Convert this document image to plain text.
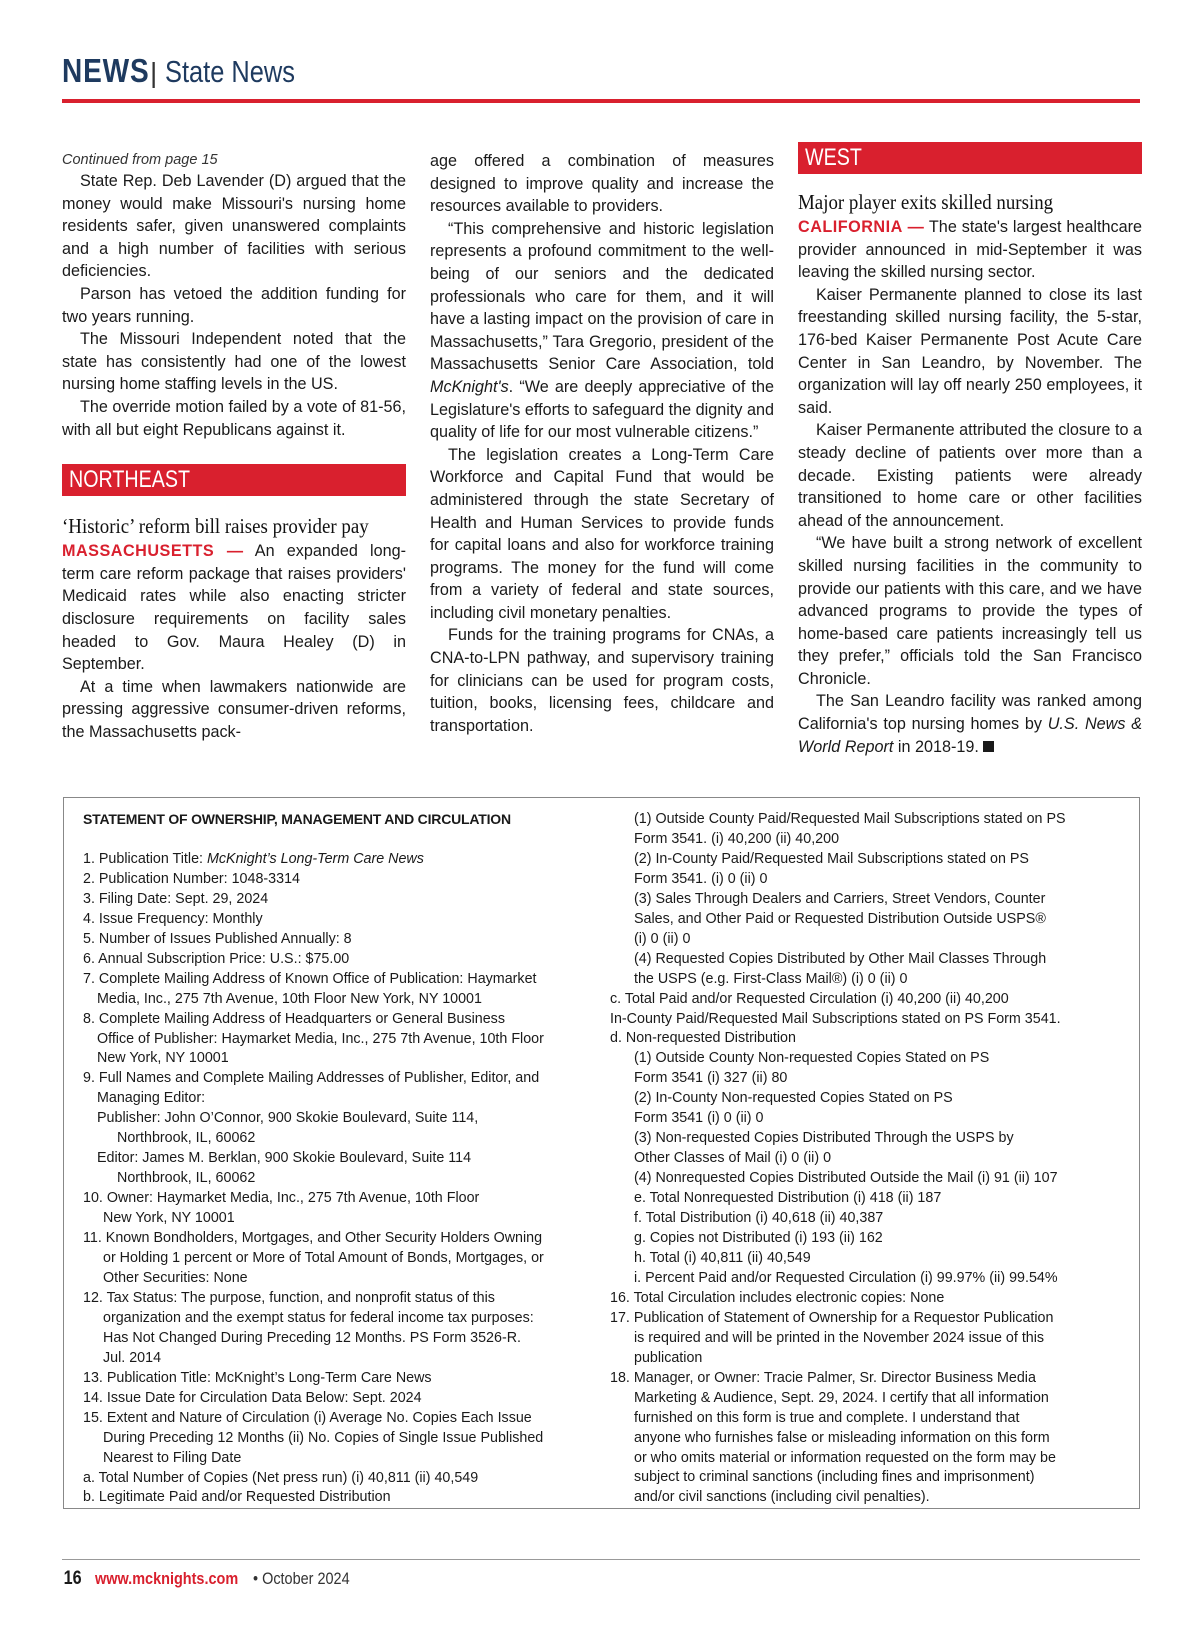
NEWS | State News
Continued from page 15

State Rep. Deb Lavender (D) argued that the money would make Missouri's nursing home residents safer, given unanswered complaints and a high number of facilities with serious deficiencies.

Parson has vetoed the addition funding for two years running.

The Missouri Independent noted that the state has consistently had one of the lowest nursing home staffing levels in the US.

The override motion failed by a vote of 81-56, with all but eight Republicans against it.

NORTHEAST
‘Historic’ reform bill raises provider pay

MASSACHUSETTS — An expanded long-term care reform package that raises providers' Medicaid rates while also enacting stricter disclosure requirements on facility sales headed to Gov. Maura Healey (D) in September.

At a time when lawmakers nationwide are pressing aggressive consumer-driven reforms, the Massachusetts pack-

age offered a combination of measures designed to improve quality and increase the resources available to providers.

“This comprehensive and historic legislation represents a profound commitment to the well-being of our seniors and the dedicated professionals who care for them, and it will have a lasting impact on the provision of care in Massachusetts,” Tara Gregorio, president of the Massachusetts Senior Care Association, told McKnight's. “We are deeply appreciative of the Legislature's efforts to safeguard the dignity and quality of life for our most vulnerable citizens.”

The legislation creates a Long-Term Care Workforce and Capital Fund that would be administered through the state Secretary of Health and Human Services to provide funds for capital loans and also for workforce training programs. The money for the fund will come from a variety of federal and state sources, including civil monetary penalties.

Funds for the training programs for CNAs, a CNA-to-LPN pathway, and supervisory training for clinicians can be used for program costs, tuition, books, licensing fees, childcare and transportation.

WEST
Major player exits skilled nursing

CALIFORNIA — The state's largest healthcare provider announced in mid-September it was leaving the skilled nursing sector.

Kaiser Permanente planned to close its last freestanding skilled nursing facility, the 5-star, 176-bed Kaiser Permanente Post Acute Care Center in San Leandro, by November. The organization will lay off nearly 250 employees, it said.

Kaiser Permanente attributed the closure to a steady decline of patients over more than a decade. Existing patients were already transitioned to home care or other facilities ahead of the announcement.

“We have built a strong network of excellent skilled nursing facilities in the community to provide our patients with this care, and we have advanced programs to provide the types of home-based care patients increasingly tell us they prefer,” officials told the San Francisco Chronicle.

The San Leandro facility was ranked among California's top nursing homes by U.S. News & World Report in 2018-19.

STATEMENT OF OWNERSHIP, MANAGEMENT AND CIRCULATION
1. Publication Title: McKnight’s Long-Term Care News
2. Publication Number: 1048-3314
3. Filing Date: Sept. 29, 2024
4. Issue Frequency: Monthly
5. Number of Issues Published Annually: 8
6. Annual Subscription Price: U.S.: $75.00
7. Complete Mailing Address of Known Office of Publication: Haymarket
Media, Inc., 275 7th Avenue, 10th Floor New York, NY 10001
8. Complete Mailing Address of Headquarters or General Business
Office of Publisher: Haymarket Media, Inc., 275 7th Avenue, 10th Floor
New York, NY 10001
9. Full Names and Complete Mailing Addresses of Publisher, Editor, and
Managing Editor:
Publisher: John O’Connor, 900 Skokie Boulevard, Suite 114,
Northbrook, IL, 60062
Editor: James M. Berklan, 900 Skokie Boulevard, Suite 114
Northbrook, IL, 60062
10. Owner: Haymarket Media, Inc., 275 7th Avenue, 10th Floor
New York, NY 10001
11. Known Bondholders, Mortgages, and Other Security Holders Owning
or Holding 1 percent or More of Total Amount of Bonds, Mortgages, or
Other Securities: None
12. Tax Status: The purpose, function, and nonprofit status of this
organization and the exempt status for federal income tax purposes:
Has Not Changed During Preceding 12 Months. PS Form 3526-R.
Jul. 2014
13. Publication Title: McKnight’s Long-Term Care News
14. Issue Date for Circulation Data Below: Sept. 2024
15. Extent and Nature of Circulation (i) Average No. Copies Each Issue
During Preceding 12 Months (ii) No. Copies of Single Issue Published
Nearest to Filing Date
a. Total Number of Copies (Net press run) (i) 40,811 (ii) 40,549
b. Legitimate Paid and/or Requested Distribution
(1) Outside County Paid/Requested Mail Subscriptions stated on PS
Form 3541. (i) 40,200 (ii) 40,200
(2) In-County Paid/Requested Mail Subscriptions stated on PS
Form 3541. (i) 0 (ii) 0
(3) Sales Through Dealers and Carriers, Street Vendors, Counter
Sales, and Other Paid or Requested Distribution Outside USPS®
(i) 0 (ii) 0
(4) Requested Copies Distributed by Other Mail Classes Through
the USPS (e.g. First-Class Mail®) (i) 0 (ii) 0
c. Total Paid and/or Requested Circulation (i) 40,200 (ii) 40,200
In-County Paid/Requested Mail Subscriptions stated on PS Form 3541.
d. Non-requested Distribution
(1) Outside County Non-requested Copies Stated on PS
Form 3541 (i) 327 (ii) 80
(2) In-County Non-requested Copies Stated on PS
Form 3541 (i) 0 (ii) 0
(3) Non-requested Copies Distributed Through the USPS by
Other Classes of Mail (i) 0 (ii) 0
(4) Nonrequested Copies Distributed Outside the Mail (i) 91 (ii) 107
e. Total Nonrequested Distribution (i) 418 (ii) 187
f. Total Distribution (i) 40,618 (ii) 40,387
g. Copies not Distributed (i) 193 (ii) 162
h. Total (i) 40,811 (ii) 40,549
i. Percent Paid and/or Requested Circulation (i) 99.97% (ii) 99.54%
16. Total Circulation includes electronic copies: None
17. Publication of Statement of Ownership for a Requestor Publication
is required and will be printed in the November 2024 issue of this
publication
18. Manager, or Owner: Tracie Palmer, Sr. Director Business Media
Marketing & Audience, Sept. 29, 2024. I certify that all information
furnished on this form is true and complete. I understand that
anyone who furnishes false or misleading information on this form
or who omits material or information requested on the form may be
subject to criminal sanctions (including fines and imprisonment)
and/or civil sanctions (including civil penalties).
16 www.mcknights.com • October 2024
